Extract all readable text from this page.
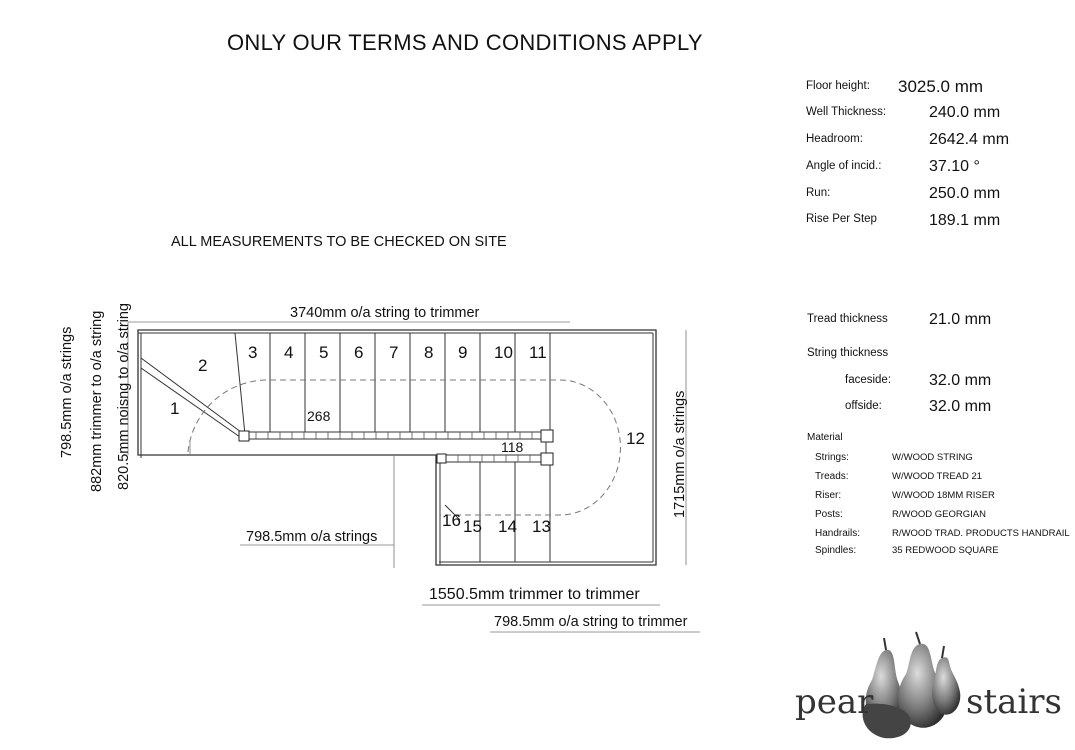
ONLY OUR TERMS AND CONDITIONS APPLY
ALL MEASUREMENTS TO BE CHECKED ON SITE
Floor height: 3025.0 mm
Well Thickness:	240.0 mm
Headroom:	2642.4 mm
Angle of incid.:	37.10 °
Run:	250.0 mm
Rise Per Step	189.1 mm
Tread thickness	21.0 mm
String thickness
faceside: 32.0 mm
offside:	32.0 mm
Material
Strings:	W/WOOD STRING
Treads:	W/WOOD TREAD 21
Riser:	W/WOOD 18MM RISER
Posts:	R/WOOD GEORGIAN
Handrails:	R/WOOD TRAD. PRODUCTS HANDRAIL
Spindles:	35 REDWOOD SQUARE
1
2
3 4 5 6 7 8 9 10 11
12
13
14
15
16
268
118
3740mm o/a string to trimmer
798.5mm o/a strings
1550.5mm trimmer to trimmer
798.5mm o/a string to trimmer
798.5mm o/a strings 882mm trimmer to o/a string 820.5mm noisng to o/a string	1715mm o/a strings
pear	stairs
